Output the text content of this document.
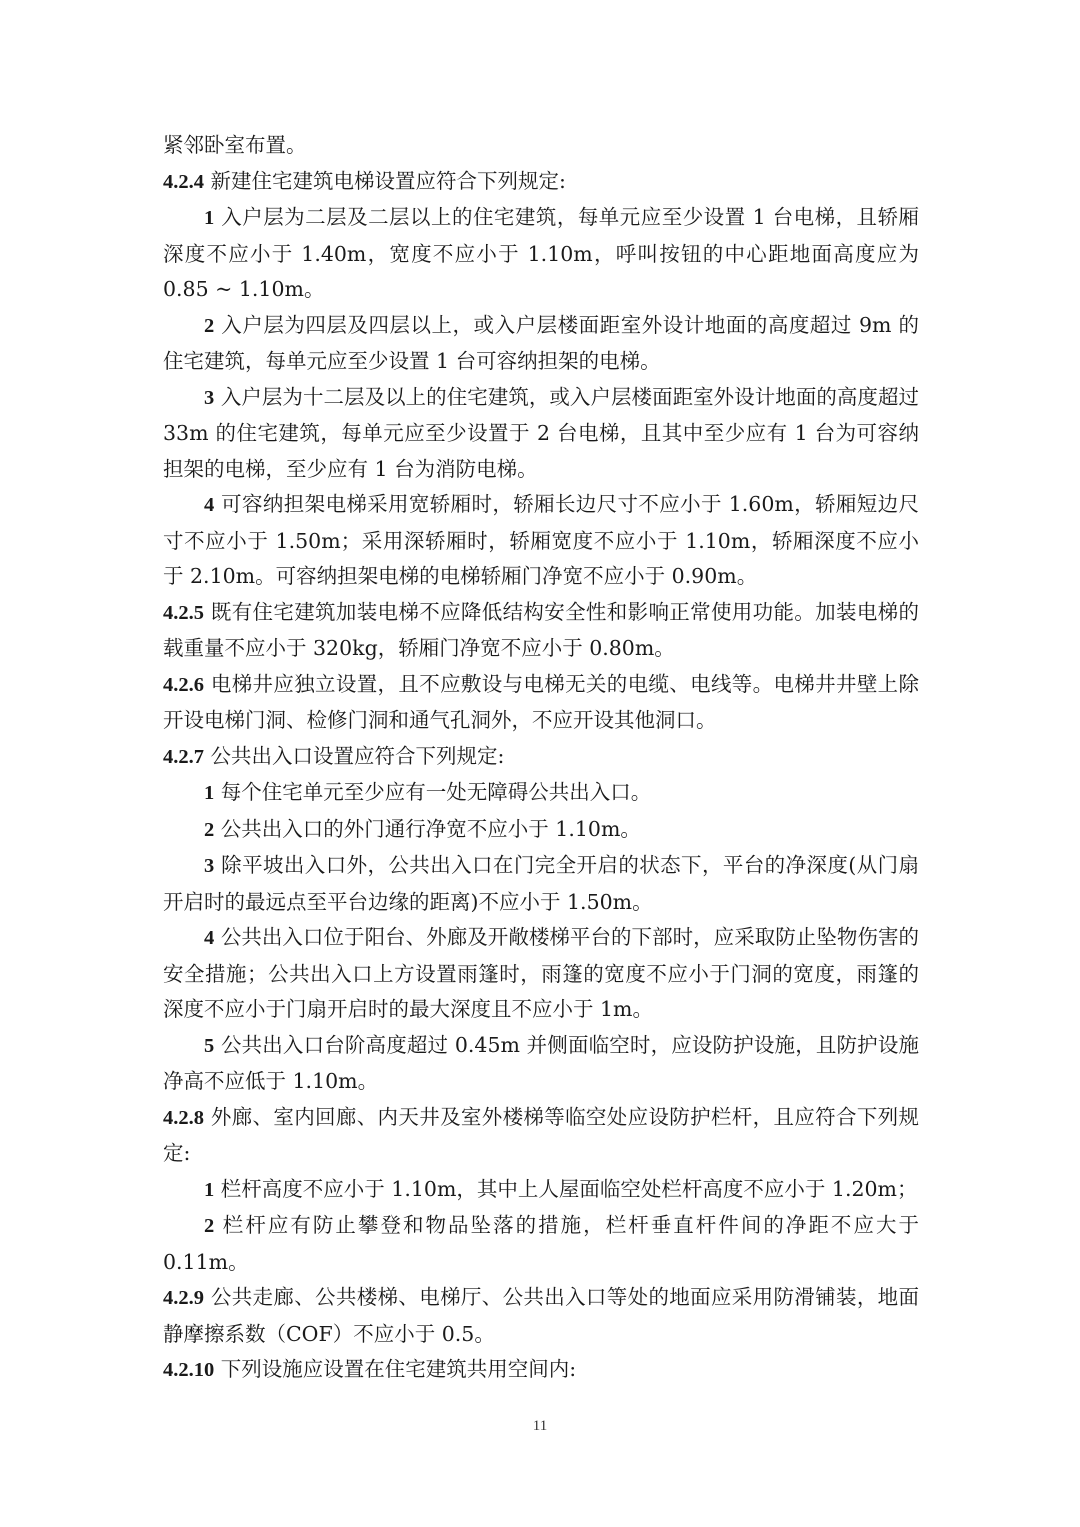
紧邻卧室布置。

4.2.4 新建住宅建筑电梯设置应符合下列规定:

1 入户层为二层及二层以上的住宅建筑，每单元应至少设置 1 台电梯，且轿厢深度不应小于 1.40m，宽度不应小于 1.10m，呼叫按钮的中心距地面高度应为 0.85 ~ 1.10m。

2 入户层为四层及四层以上，或入户层楼面距室外设计地面的高度超过 9m 的住宅建筑，每单元应至少设置 1 台可容纳担架的电梯。

3 入户层为十二层及以上的住宅建筑，或入户层楼面距室外设计地面的高度超过 33m 的住宅建筑，每单元应至少设置于 2 台电梯，且其中至少应有 1 台为可容纳担架的电梯，至少应有 1 台为消防电梯。

4 可容纳担架电梯采用宽轿厢时，轿厢长边尺寸不应小于 1.60m，轿厢短边尺寸不应小于 1.50m；采用深轿厢时，轿厢宽度不应小于 1.10m，轿厢深度不应小于 2.10m。可容纳担架电梯的电梯轿厢门净宽不应小于 0.90m。

4.2.5 既有住宅建筑加装电梯不应降低结构安全性和影响正常使用功能。加装电梯的载重量不应小于 320kg，轿厢门净宽不应小于 0.80m。

4.2.6 电梯井应独立设置，且不应敷设与电梯无关的电缆、电线等。电梯井井壁上除开设电梯门洞、检修门洞和通气孔洞外，不应开设其他洞口。

4.2.7 公共出入口设置应符合下列规定:

1 每个住宅单元至少应有一处无障碍公共出入口。

2 公共出入口的外门通行净宽不应小于 1.10m。

3 除平坡出入口外，公共出入口在门完全开启的状态下，平台的净深度(从门扇开启时的最远点至平台边缘的距离)不应小于 1.50m。

4 公共出入口位于阳台、外廊及开敞楼梯平台的下部时，应采取防止坠物伤害的安全措施；公共出入口上方设置雨篷时，雨篷的宽度不应小于门洞的宽度，雨篷的深度不应小于门扇开启时的最大深度且不应小于 1m。

5 公共出入口台阶高度超过 0.45m 并侧面临空时，应设防护设施，且防护设施净高不应低于 1.10m。

4.2.8 外廊、室内回廊、内天井及室外楼梯等临空处应设防护栏杆，且应符合下列规定:

1 栏杆高度不应小于 1.10m，其中上人屋面临空处栏杆高度不应小于 1.20m；

2 栏杆应有防止攀登和物品坠落的措施，栏杆垂直杆件间的净距不应大于 0.11m。

4.2.9 公共走廊、公共楼梯、电梯厅、公共出入口等处的地面应采用防滑铺装，地面静摩擦系数（COF）不应小于 0.5。

4.2.10 下列设施应设置在住宅建筑共用空间内:

11
